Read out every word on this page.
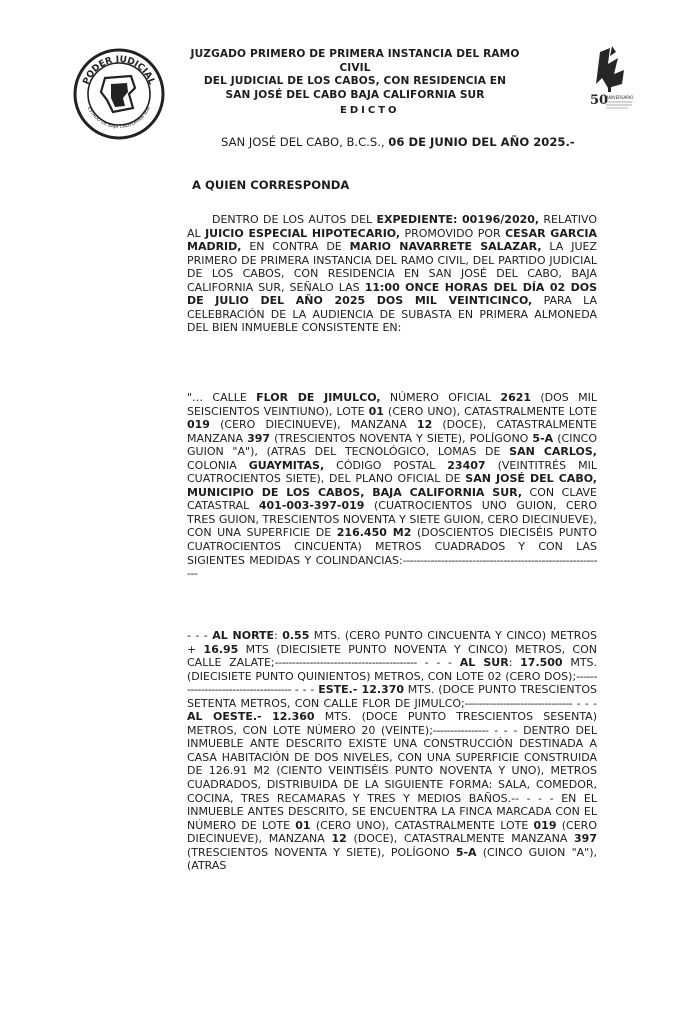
PODER JUDICIAL
ESTADO DE BAJA CALIFORNIA SUR
50
ANIVERSARIO
JUZGADO PRIMERO DE PRIMERA INSTANCIA DEL RAMO CIVIL
DEL JUDICIAL DE LOS CABOS, CON RESIDENCIA EN
SAN JOSÉ DEL CABO BAJA CALIFORNIA SUR
EDICTO
SAN JOSÉ DEL CABO, B.C.S., 06 DE JUNIO DEL AÑO 2025.-
A QUIEN CORRESPONDA

DENTRO DE LOS AUTOS DEL EXPEDIENTE: 00196/2020, RELATIVO AL JUICIO ESPECIAL HIPOTECARIO, PROMOVIDO POR CESAR GARCIA MADRID, EN CONTRA DE MARIO NAVARRETE SALAZAR, LA JUEZ PRIMERO DE PRIMERA INSTANCIA DEL RAMO CIVIL, DEL PARTIDO JUDICIAL DE LOS CABOS, CON RESIDENCIA EN SAN JOSÉ DEL CABO, BAJA CALIFORNIA SUR, SEÑALO LAS 11:00 ONCE HORAS DEL DÍA 02 DOS DE JULIO DEL AÑO 2025 DOS MIL VEINTICINCO, PARA LA CELEBRACIÓN DE LA AUDIENCIA DE SUBASTA EN PRIMERA ALMONEDA DEL BIEN INMUEBLE CONSISTENTE EN:

"… CALLE FLOR DE JIMULCO, NÚMERO OFICIAL 2621 (DOS MIL SEISCIENTOS VEINTIUNO), LOTE 01 (CERO UNO), CATASTRALMENTE LOTE 019 (CERO DIECINUEVE), MANZANA 12 (DOCE), CATASTRALMENTE MANZANA 397 (TRESCIENTOS NOVENTA Y SIETE), POLÍGONO 5-A (CINCO GUION "A"), (ATRAS DEL TECNOLÓGICO, LOMAS DE SAN CARLOS, COLONIA GUAYMITAS, CÓDIGO POSTAL 23407 (VEINTITRÉS MIL CUATROCIENTOS SIETE), DEL PLANO OFICIAL DE SAN JOSÉ DEL CABO, MUNICIPIO DE LOS CABOS, BAJA CALIFORNIA SUR, CON CLAVE CATASTRAL 401-003-397-019 (CUATROCIENTOS UNO GUION, CERO TRES GUION, TRESCIENTOS NOVENTA Y SIETE GUION, CERO DIECINUEVE), CON UNA SUPERFICIE DE 216.450 M2 (DOSCIENTOS DIECISÉIS PUNTO CUATROCIENTOS CINCUENTA) METROS CUADRADOS Y CON LAS SIGIENTES MEDIDAS Y COLINDANCIAS:-----------------------------------------------------------

- - - AL NORTE: 0.55 MTS. (CERO PUNTO CINCUENTA Y CINCO) METROS + 16.95 MTS (DIECISIETE PUNTO NOVENTA Y CINCO) METROS, CON CALLE ZALATE;----------------------------------------- - - - AL SUR: 17.500 MTS. (DIECISIETE PUNTO QUINIENTOS) METROS, CON LOTE 02 (CERO DOS);------------------------------------ - - - ESTE.- 12.370 MTS. (DOCE PUNTO TRESCIENTOS SETENTA METROS, CON CALLE FLOR DE JIMULCO;------------------------------- - - - AL OESTE.- 12.360 MTS. (DOCE PUNTO TRESCIENTOS SESENTA) METROS, CON LOTE NÚMERO 20 (VEINTE);---------------- - - - DENTRO DEL INMUEBLE ANTE DESCRITO EXISTE UNA CONSTRUCCIÓN DESTINADA A CASA HABITACIÓN DE DOS NIVELES, CON UNA SUPERFICIE CONSTRUIDA DE 126.91 M2 (CIENTO VEINTISÉIS PUNTO NOVENTA Y UNO), METROS CUADRADOS, DISTRIBUIDA DE LA SIGUIENTE FORMA: SALA, COMEDOR, COCINA, TRES RECAMARAS Y TRES Y MEDIOS BAÑOS.-- - - - EN EL INMUEBLE ANTES DESCRITO, SE ENCUENTRA LA FINCA MARCADA CON EL NÚMERO DE LOTE 01 (CERO UNO), CATASTRALMENTE LOTE 019 (CERO DIECINUEVE), MANZANA 12 (DOCE), CATASTRALMENTE MANZANA 397 (TRESCIENTOS NOVENTA Y SIETE), POLÍGONO 5-A (CINCO GUION "A"), (ATRAS
